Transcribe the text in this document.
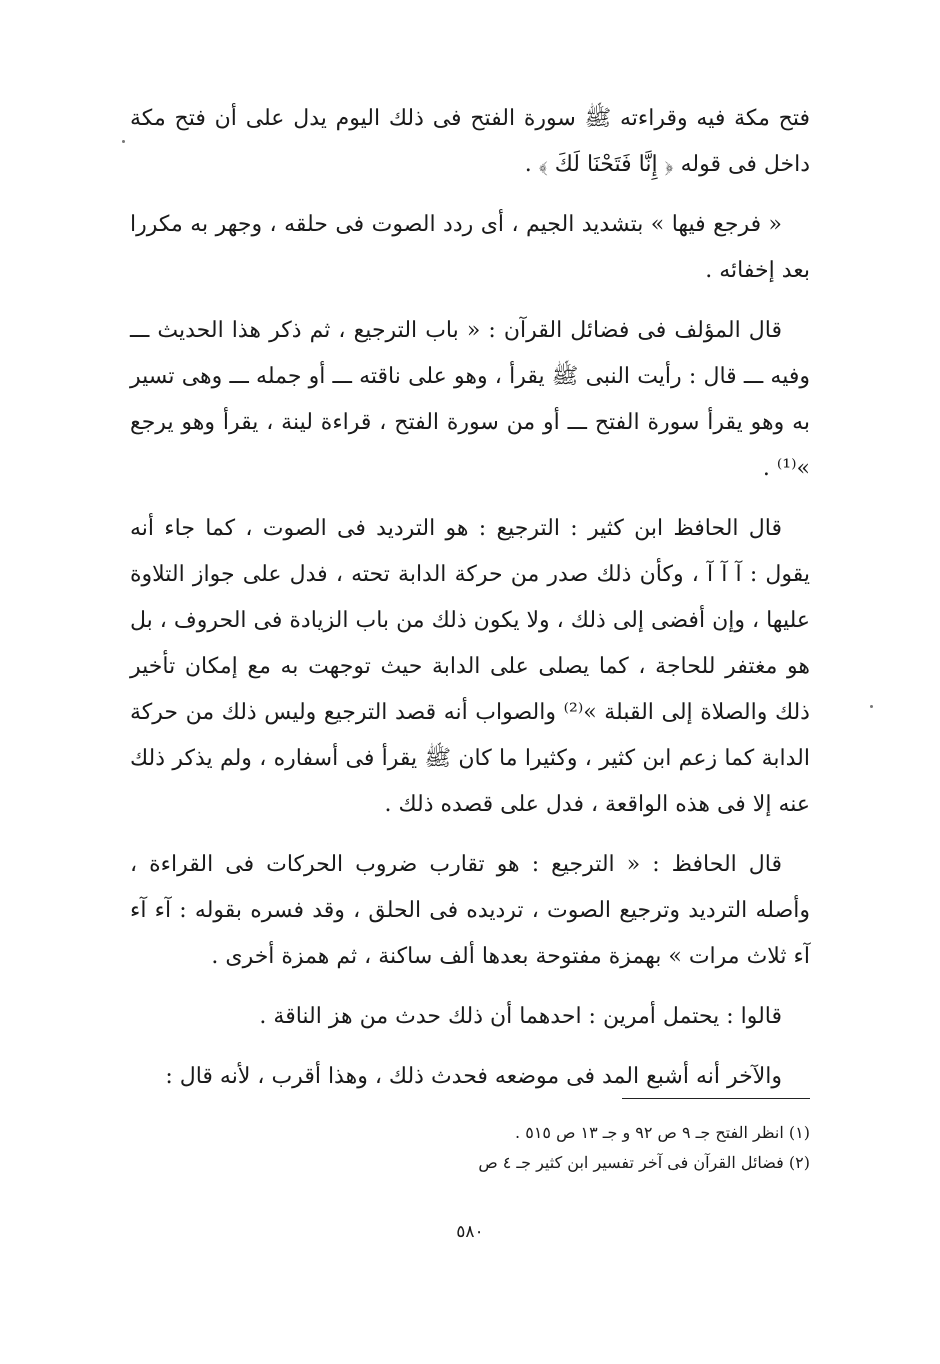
فتح مكة فيه وقراءته ﷺ سورة الفتح فى ذلك اليوم يدل على أن فتح مكة داخل فى قوله ﴿ إِنَّا فَتَحْنَا لَكَ ﴾ .

« فرجع فيها » بتشديد الجيم ، أى ردد الصوت فى حلقه ، وجهر به مكررا بعد إخفائه .

قال المؤلف فى فضائل القرآن : « باب الترجيع ، ثم ذكر هذا الحديث ـــ وفيه ـــ قال : رأيت النبى ﷺ يقرأ ، وهو على ناقته ـــ أو جمله ـــ وهى تسير به وهو يقرأ سورة الفتح ـــ أو من سورة الفتح ، قراءة لينة ، يقرأ وهو يرجع »⁽¹⁾ .

قال الحافظ ابن كثير : الترجيع : هو الترديد فى الصوت ، كما جاء أنه يقول : آ آ آ ، وكأن ذلك صدر من حركة الدابة تحته ، فدل على جواز التلاوة عليها ، وإن أفضى إلى ذلك ، ولا يكون ذلك من باب الزيادة فى الحروف ، بل هو مغتفر للحاجة ، كما يصلى على الدابة حيث توجهت به مع إمكان تأخير ذلك والصلاة إلى القبلة »⁽²⁾ والصواب أنه قصد الترجيع وليس ذلك من حركة الدابة كما زعم ابن كثير ، وكثيرا ما كان ﷺ يقرأ فى أسفاره ، ولم يذكر ذلك عنه إلا فى هذه الواقعة ، فدل على قصده ذلك .

قال الحافظ : « الترجيع : هو تقارب ضروب الحركات فى القراءة ، وأصله الترديد وترجيع الصوت ، ترديده فى الحلق ، وقد فسره بقوله : آء آء آء ثلاث مرات » بهمزة مفتوحة بعدها ألف ساكنة ، ثم همزة أخرى .

قالوا : يحتمل أمرين : احدهما أن ذلك حدث من هز الناقة .

والآخر أنه أشبع المد فى موضعه فحدث ذلك ، وهذا أقرب ، لأنه قال :

(١) انظر الفتح جـ ٩ ص ٩٢ و جـ ١٣ ص ٥١٥ .

(٢) فضائل القرآن فى آخر تفسير ابن كثير جـ ٤ ص

٥٨٠
